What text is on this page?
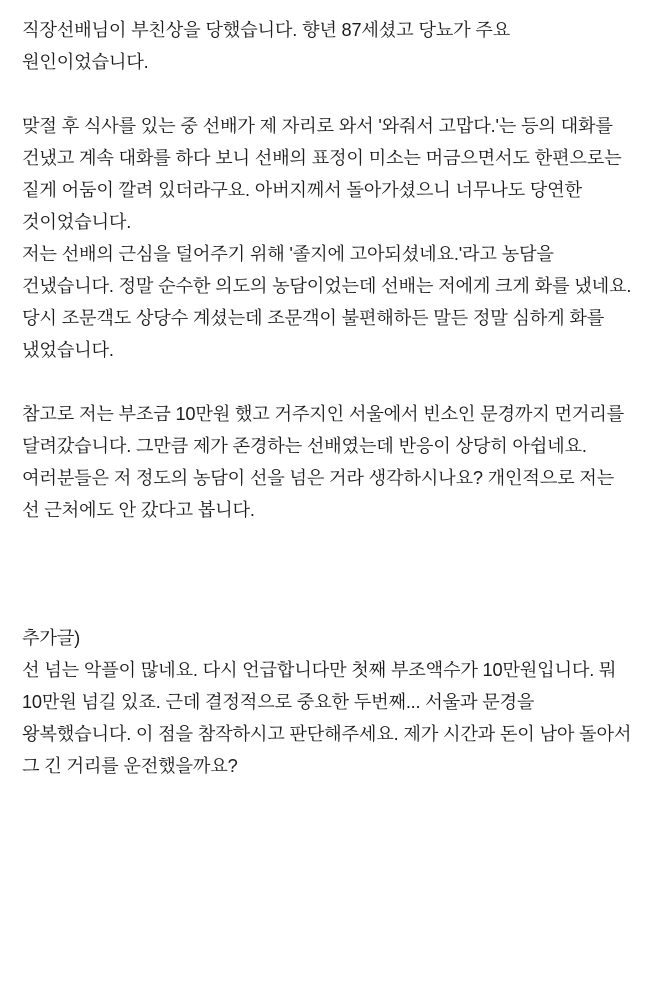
직장선배님이 부친상을 당했습니다. 향년 87세셨고 당뇨가 주요 원인이었습니다.

맞절 후 식사를 있는 중 선배가 제 자리로 와서 '와줘서 고맙다.'는 등의 대화를 건냈고 계속 대화를 하다 보니 선배의 표정이 미소는 머금으면서도 한편으로는 짙게 어둠이 깔려 있더라구요. 아버지께서 돌아가셨으니 너무나도 당연한 것이었습니다.

저는 선배의 근심을 덜어주기 위해 '졸지에 고아되셨네요.'라고 농담을 건냈습니다. 정말 순수한 의도의 농담이었는데 선배는 저에게 크게 화를 냈네요. 당시 조문객도 상당수 계셨는데 조문객이 불편해하든 말든 정말 심하게 화를 냈었습니다.

참고로 저는 부조금 10만원 했고 거주지인 서울에서 빈소인 문경까지 먼거리를 달려갔습니다. 그만큼 제가 존경하는 선배였는데 반응이 상당히 아쉽네요. 여러분들은 저 정도의 농담이 선을 넘은 거라 생각하시나요? 개인적으로 저는 선 근처에도 안 갔다고 봅니다.

추가글)

선 넘는 악플이 많네요. 다시 언급합니다만 첫째 부조액수가 10만원입니다. 뭐 10만원 넘길 있죠. 근데 결정적으로 중요한 두번째... 서울과 문경을 왕복했습니다. 이 점을 참작하시고 판단해주세요. 제가 시간과 돈이 남아 돌아서 그 긴 거리를 운전했을까요?
